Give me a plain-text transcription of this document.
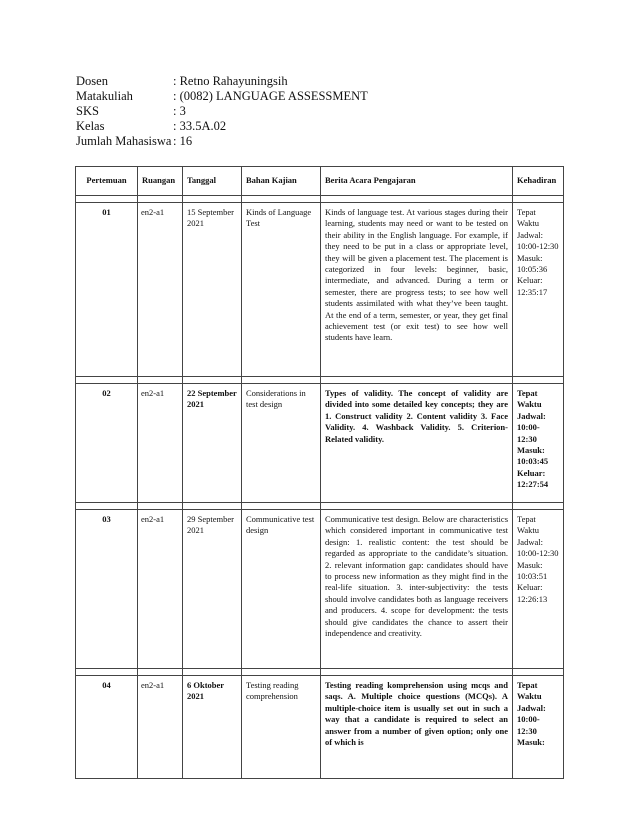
Dosen	: Retno Rahayuningsih
Matakuliah	: (0082) LANGUAGE ASSESSMENT
SKS	: 3
Kelas	: 33.5A.02
Jumlah Mahasiswa : 16
Pertemuan	Ruangan	Tanggal	Bahan Kajian	Berita Acara Pengajaran	Kehadiran

01	en2-a1	15 September 2021	Kinds of Language Test	Kinds of language test. At various stages during their learning, students may need or want to be tested on their ability in the English language. For example, if they need to be put in a class or appropriate level, they will be given a placement test. The placement is categorized in four levels: beginner, basic, intermediate, and advanced. During a term or semester, there are progress tests; to see how well students assimilated with what they’ve been taught. At the end of a term, semester, or year, they get final achievement test (or exit test) to see how well students have learn.	Tepat Waktu Jadwal: 10:00-12:30 Masuk: 10:05:36 Keluar: 12:35:17

02	en2-a1	22 September 2021	Considerations in test design	Types of validity. The concept of validity are divided into some detailed key concepts; they are 1. Construct validity 2. Content validity 3. Face Validity. 4. Washback Validity. 5. Criterion-Related validity.	Tepat Waktu Jadwal: 10:00-12:30 Masuk: 10:03:45 Keluar: 12:27:54

03	en2-a1	29 September 2021	Communicative test design	Communicative test design. Below are characteristics which considered important in communicative test design: 1. realistic content: the test should be regarded as appropriate to the candidate’s situation. 2. relevant information gap: candidates should have to process new information as they might find in the real-life situation. 3. inter-subjectivity: the tests should involve candidates both as language receivers and producers. 4. scope for development: the tests should give candidates the chance to assert their independence and creativity.	Tepat Waktu Jadwal: 10:00-12:30 Masuk: 10:03:51 Keluar: 12:26:13

04	en2-a1	6 Oktober 2021	Testing reading comprehension	Testing reading komprehension using mcqs and saqs. A. Multiple choice questions (MCQs). A multiple-choice item is usually set out in such a way that a candidate is required to select an answer from a number of given option; only one of which is	Tepat Waktu Jadwal: 10:00-12:30 Masuk:
